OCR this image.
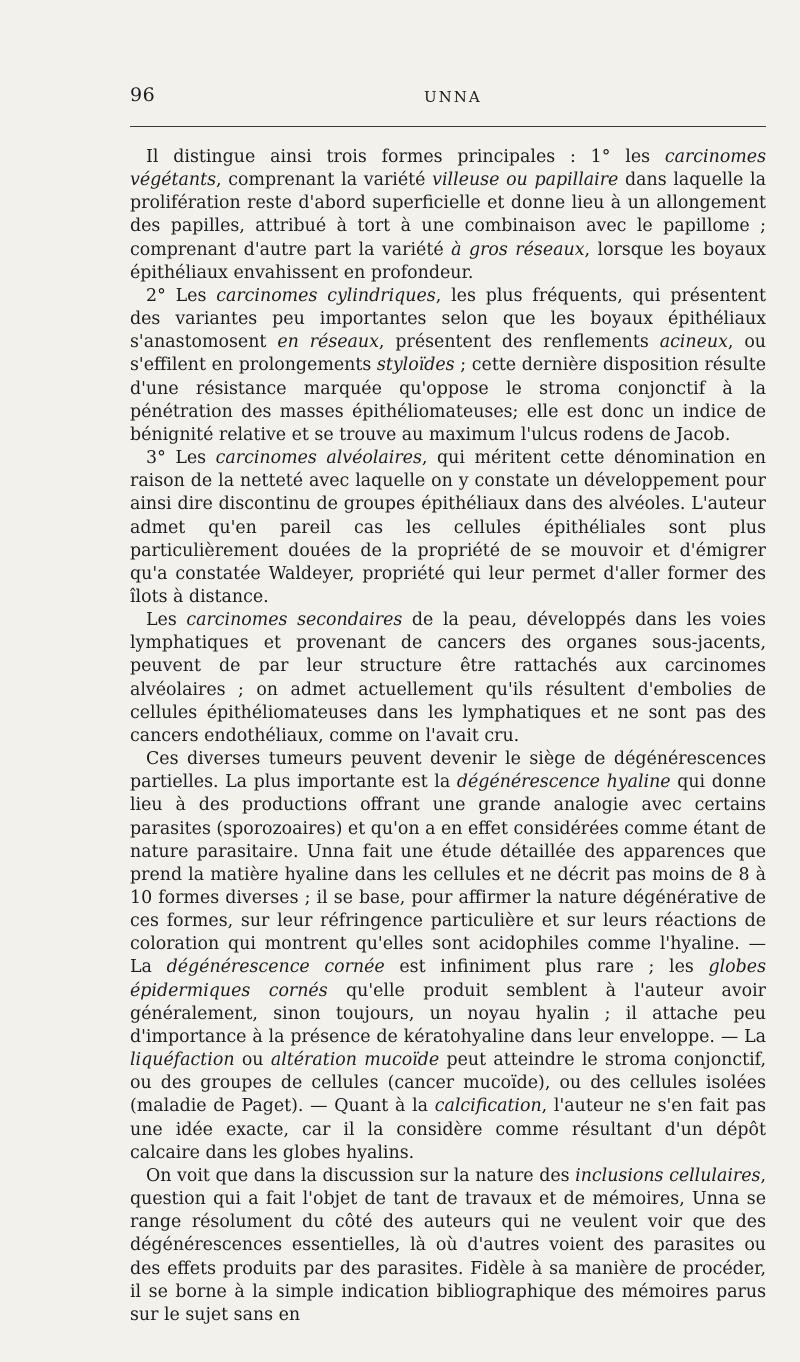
96	UNNA

Il distingue ainsi trois formes principales : 1° les carcinomes végétants, comprenant la variété villeuse ou papillaire dans laquelle la prolifération reste d'abord superficielle et donne lieu à un allongement des papilles, attribué à tort à une combinaison avec le papillome ; comprenant d'autre part la variété à gros réseaux, lorsque les boyaux épithéliaux envahissent en profondeur.

2° Les carcinomes cylindriques, les plus fréquents, qui présentent des variantes peu importantes selon que les boyaux épithéliaux s'anastomosent en réseaux, présentent des renflements acineux, ou s'effilent en prolongements styloïdes ; cette dernière disposition résulte d'une résistance marquée qu'oppose le stroma conjonctif à la pénétration des masses épithéliomateuses; elle est donc un indice de bénignité relative et se trouve au maximum l'ulcus rodens de Jacob.

3° Les carcinomes alvéolaires, qui méritent cette dénomination en raison de la netteté avec laquelle on y constate un développement pour ainsi dire discontinu de groupes épithéliaux dans des alvéoles. L'auteur admet qu'en pareil cas les cellules épithéliales sont plus particulièrement douées de la propriété de se mouvoir et d'émigrer qu'a constatée Waldeyer, propriété qui leur permet d'aller former des îlots à distance.

Les carcinomes secondaires de la peau, développés dans les voies lymphatiques et provenant de cancers des organes sous-jacents, peuvent de par leur structure être rattachés aux carcinomes alvéolaires ; on admet actuellement qu'ils résultent d'embolies de cellules épithéliomateuses dans les lymphatiques et ne sont pas des cancers endothéliaux, comme on l'avait cru.

Ces diverses tumeurs peuvent devenir le siège de dégénérescences partielles. La plus importante est la dégénérescence hyaline qui donne lieu à des productions offrant une grande analogie avec certains parasites (sporozoaires) et qu'on a en effet considérées comme étant de nature parasitaire. Unna fait une étude détaillée des apparences que prend la matière hyaline dans les cellules et ne décrit pas moins de 8 à 10 formes diverses ; il se base, pour affirmer la nature dégénérative de ces formes, sur leur réfringence particulière et sur leurs réactions de coloration qui montrent qu'elles sont acidophiles comme l'hyaline. — La dégénérescence cornée est infiniment plus rare ; les globes épidermiques cornés qu'elle produit semblent à l'auteur avoir généralement, sinon toujours, un noyau hyalin ; il attache peu d'importance à la présence de kératohyaline dans leur enveloppe. — La liquéfaction ou altération mucoïde peut atteindre le stroma conjonctif, ou des groupes de cellules (cancer mucoïde), ou des cellules isolées (maladie de Paget). — Quant à la calcification, l'auteur ne s'en fait pas une idée exacte, car il la considère comme résultant d'un dépôt calcaire dans les globes hyalins.

On voit que dans la discussion sur la nature des inclusions cellulaires, question qui a fait l'objet de tant de travaux et de mémoires, Unna se range résolument du côté des auteurs qui ne veulent voir que des dégénérescences essentielles, là où d'autres voient des parasites ou des effets produits par des parasites. Fidèle à sa manière de procéder, il se borne à la simple indication bibliographique des mémoires parus sur le sujet sans en
